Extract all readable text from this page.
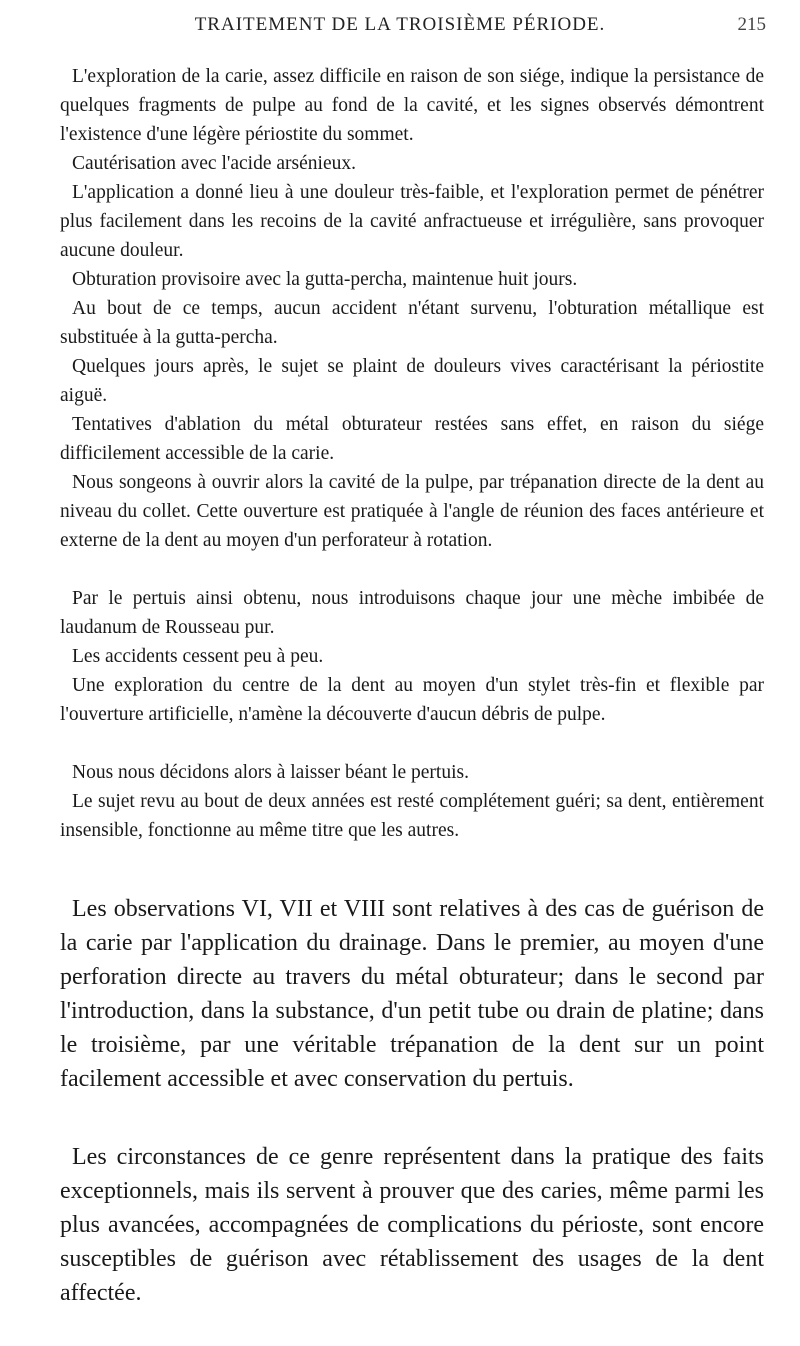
TRAITEMENT DE LA TROISIÈME PÉRIODE.	215

L'exploration de la carie, assez difficile en raison de son siége, indique la persistance de quelques fragments de pulpe au fond de la cavité, et les signes observés démontrent l'existence d'une légère périostite du sommet.

Cautérisation avec l'acide arsénieux.

L'application a donné lieu à une douleur très-faible, et l'exploration permet de pénétrer plus facilement dans les recoins de la cavité anfractueuse et irrégulière, sans provoquer aucune douleur.

Obturation provisoire avec la gutta-percha, maintenue huit jours.

Au bout de ce temps, aucun accident n'étant survenu, l'obturation métallique est substituée à la gutta-percha.

Quelques jours après, le sujet se plaint de douleurs vives caractérisant la périostite aiguë.

Tentatives d'ablation du métal obturateur restées sans effet, en raison du siége difficilement accessible de la carie.

Nous songeons à ouvrir alors la cavité de la pulpe, par trépanation directe de la dent au niveau du collet. Cette ouverture est pratiquée à l'angle de réunion des faces antérieure et externe de la dent au moyen d'un perforateur à rotation.

Par le pertuis ainsi obtenu, nous introduisons chaque jour une mèche imbibée de laudanum de Rousseau pur.

Les accidents cessent peu à peu.

Une exploration du centre de la dent au moyen d'un stylet très-fin et flexible par l'ouverture artificielle, n'amène la découverte d'aucun débris de pulpe.

Nous nous décidons alors à laisser béant le pertuis.

Le sujet revu au bout de deux années est resté complétement guéri; sa dent, entièrement insensible, fonctionne au même titre que les autres.

Les observations VI, VII et VIII sont relatives à des cas de guérison de la carie par l'application du drainage. Dans le premier, au moyen d'une perforation directe au travers du métal obturateur; dans le second par l'introduction, dans la substance, d'un petit tube ou drain de platine; dans le troisième, par une véritable trépanation de la dent sur un point facilement accessible et avec conservation du pertuis.

Les circonstances de ce genre représentent dans la pratique des faits exceptionnels, mais ils servent à prouver que des caries, même parmi les plus avancées, accompagnées de complications du périoste, sont encore susceptibles de guérison avec rétablissement des usages de la dent affectée.
